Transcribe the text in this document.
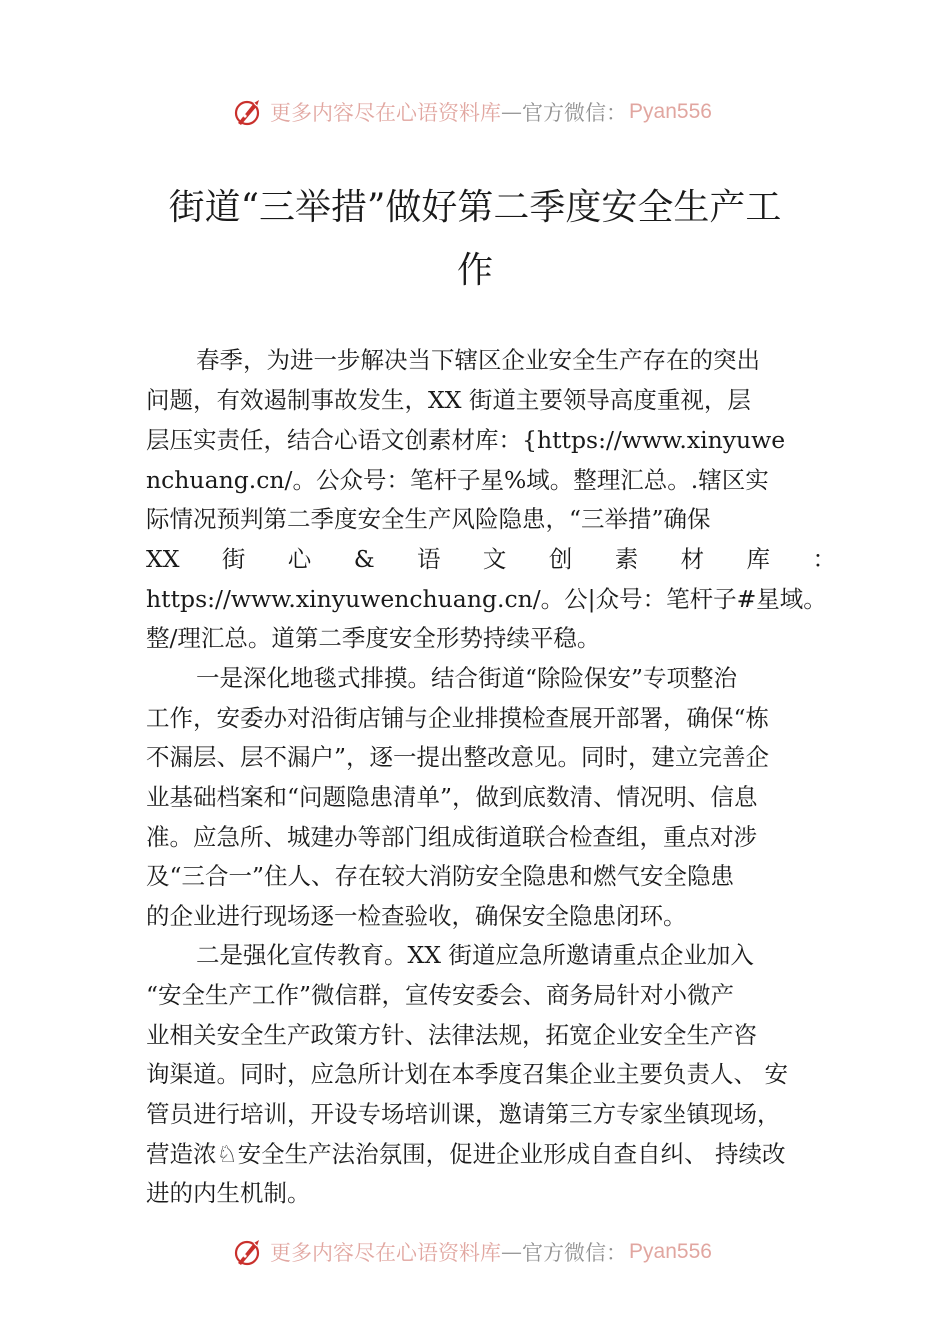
更多内容尽在心语资料库 — 官方微信： Pyan556
街道“三举措”做好第二季度安全生产工
作
春季，为进一步解决当下辖区企业安全生产存在的突出
问题，有效遏制事故发生，XX 街道主要领导高度重视，层
层压实责任，结合心语文创素材库：{https://www.xinyuwe
nchuang.cn/。公众号：笔杆子星%域。整理汇总。.辖区实
际情况预判第二季度安全生产风险隐患，“三举措”确保
XX 街 心 & 语 文 创 素 材 库 ：
https://www.xinyuwenchuang.cn/。公|众号：笔杆子#星域。
整/理汇总。道第二季度安全形势持续平稳。
一是深化地毯式排摸。结合街道“除险保安”专项整治
工作，安委办对沿街店铺与企业排摸检查展开部署，确保“栋
不漏层、层不漏户”，逐一提出整改意见。同时，建立完善企
业基础档案和“问题隐患清单”，做到底数清、情况明、信息
准。应急所、城建办等部门组成街道联合检查组，重点对涉
及“三合一”住人、存在较大消防安全隐患和燃气安全隐患
的企业进行现场逐一检查验收，确保安全隐患闭环。
二是强化宣传教育。XX 街道应急所邀请重点企业加入
“安全生产工作”微信群，宣传安委会、商务局针对小微产
业相关安全生产政策方针、法律法规，拓宽企业安全生产咨
询渠道。同时，应急所计划在本季度召集企业主要负责人、 安
管员进行培训，开设专场培训课，邀请第三方专家坐镇现场，
营造浓♘安全生产法治氛围，促进企业形成自查自纠、 持续改
进的内生机制。
更多内容尽在心语资料库 — 官方微信： Pyan556
